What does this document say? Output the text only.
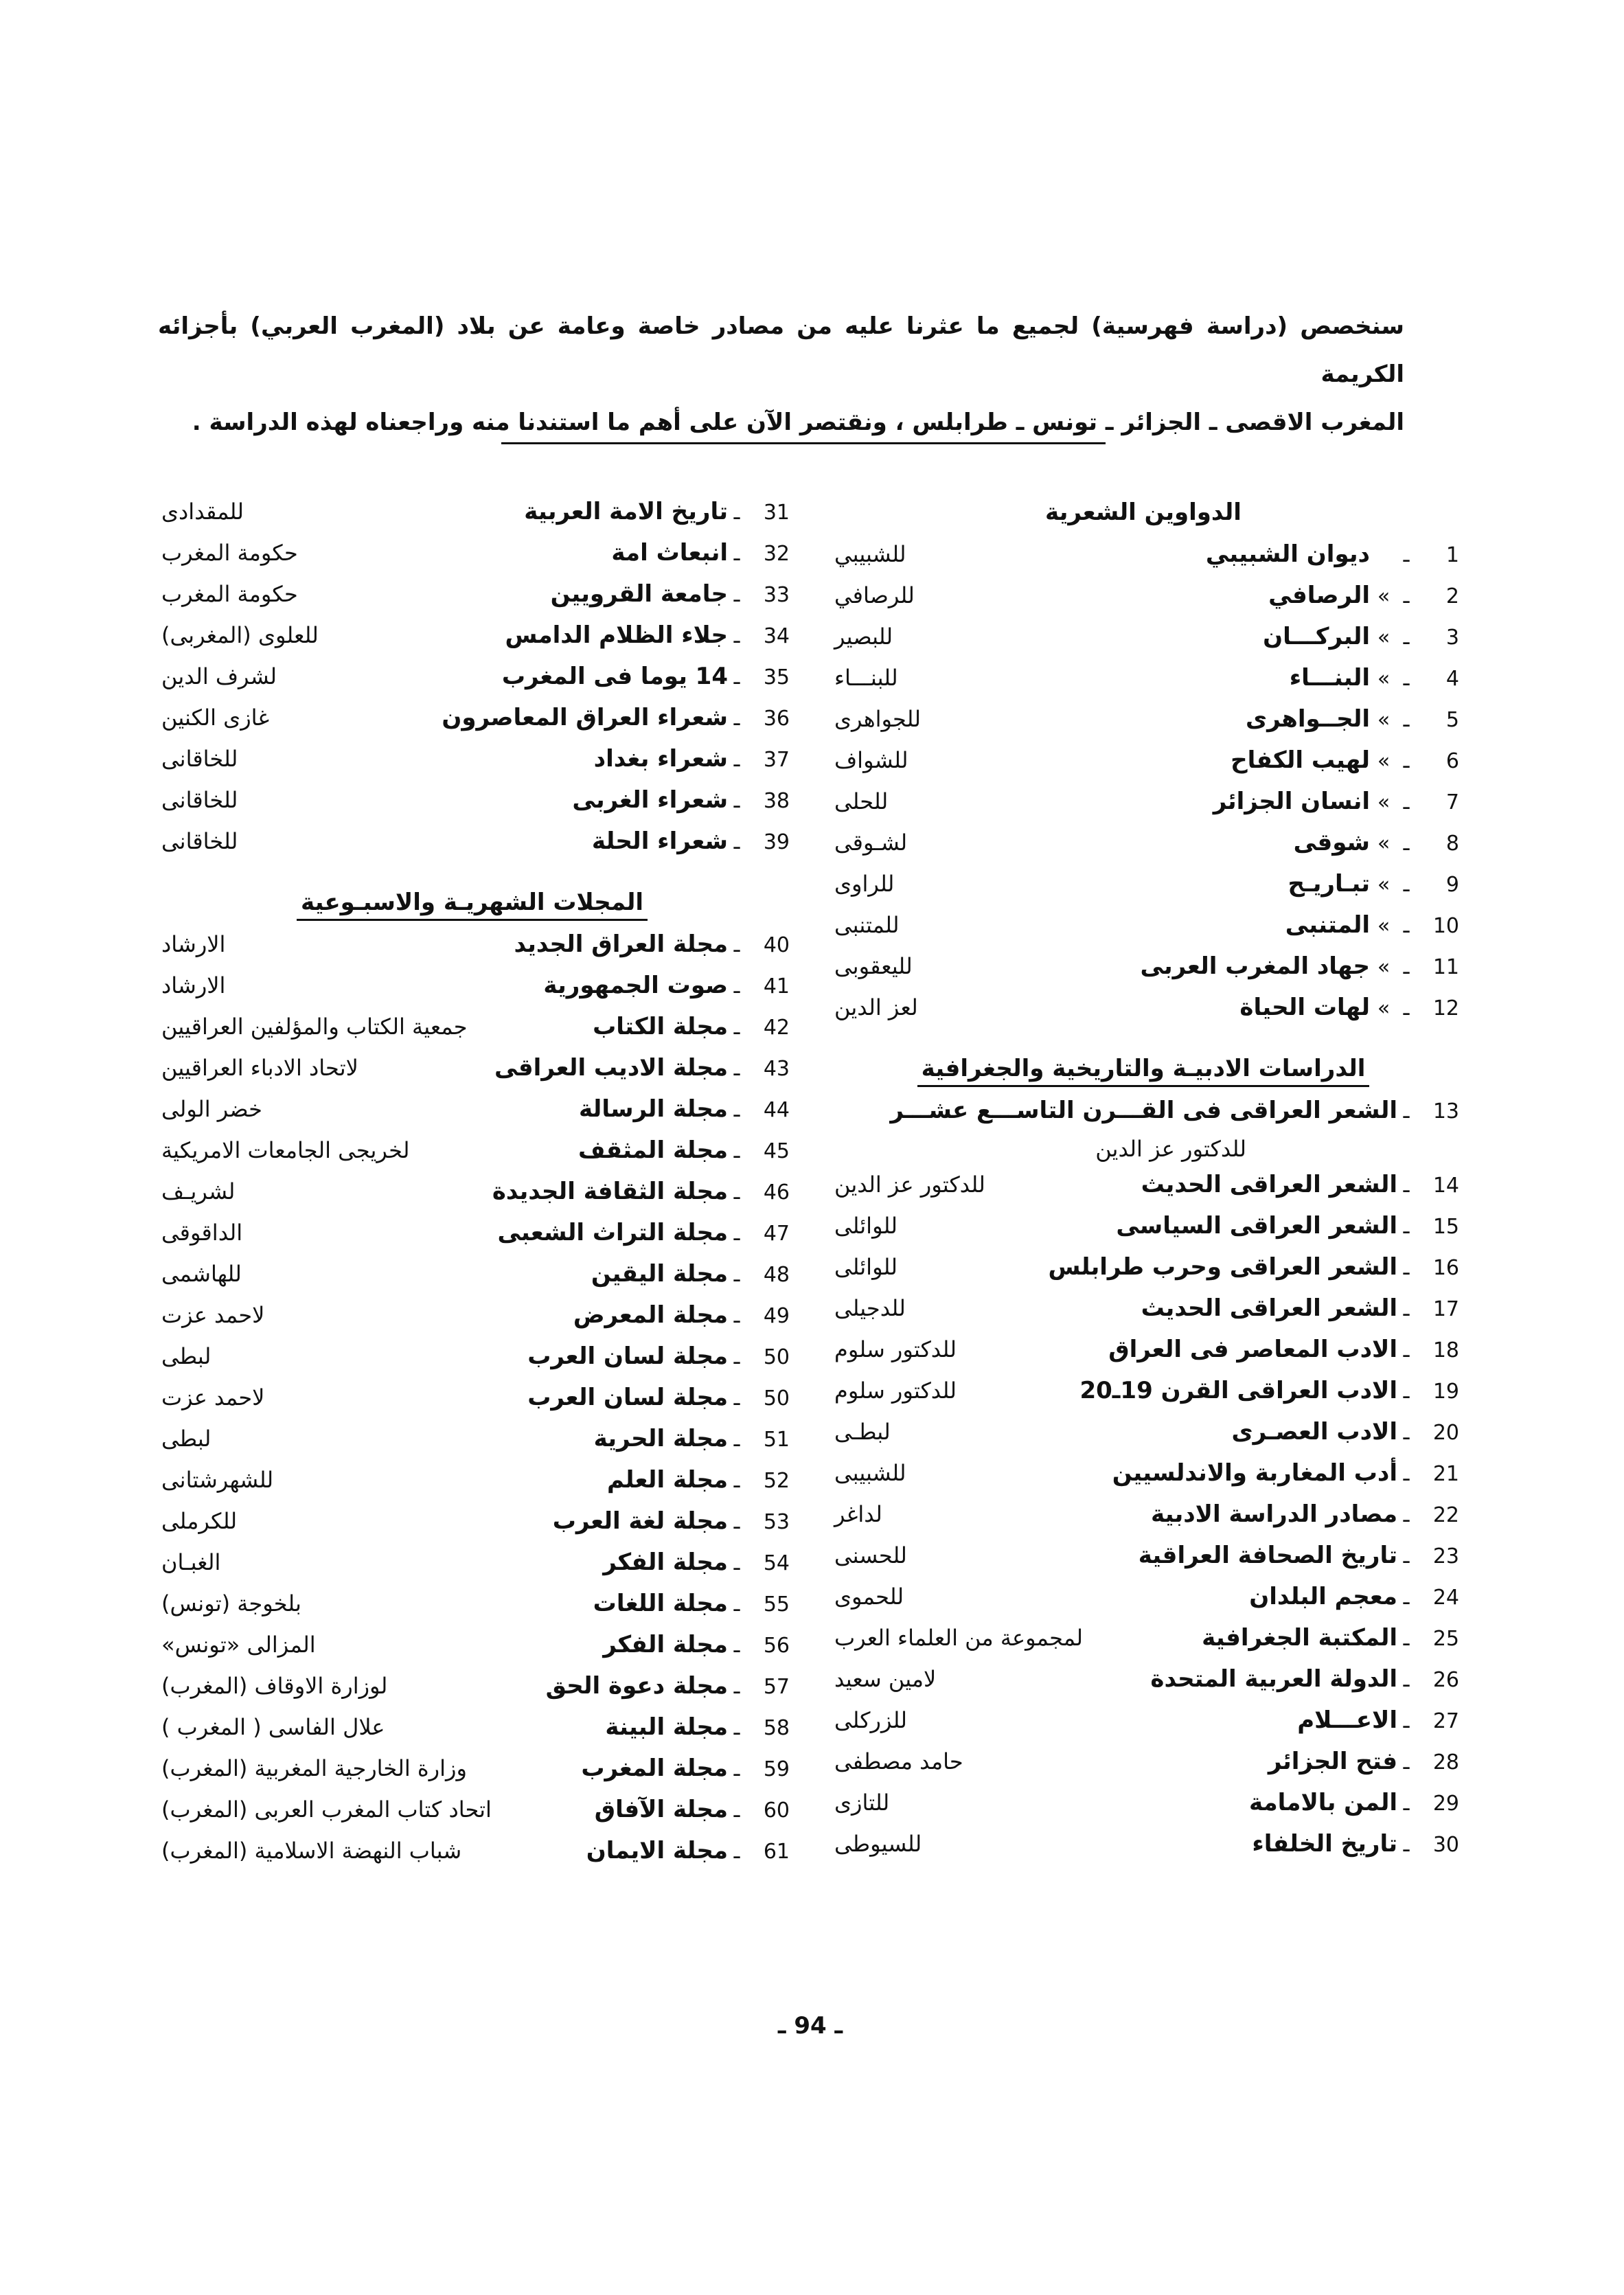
سنخصص (دراسة فهرسية) لجميع ما عثرنا عليه من مصادر خاصة وعامة عن بلاد (المغرب العربي) بأجزائه الكريمة

المغرب الاقصى ـ الجزائر ـ تونس ـ طرابلس ، ونقتصر الآن على أهم ما استندنا منه وراجعناه لهذه الدراسة .

الدواوين الشعرية
1
ـ
ديوان الشبيبي
للشبيبي
2
ـ
»
الرصافي
للرصافي
3
ـ
»
البركـــان
للبصير
4
ـ
»
البنـــاء
للبنـــاء
5
ـ
»
الجــواهرى
للجواهرى
6
ـ
»
لهيب الكفاح
للشواف
7
ـ
»
انسان الجزائر
للحلى
8
ـ
»
شوقى
لشـوقى
9
ـ
»
تبـاريـح
للراوى
10
ـ
»
المتنبى
للمتنبى
11
ـ
»
جهاد المغرب العربى
لليعقوبى
12
ـ
»
لهات الحياة
لعز الدين
الدراسات الادبيـة والتاريخية والجغرافية
13
ـ
الشعر العراقى فى القـــرن التاســـع عشـــر
للدكتور عز الدين
14
ـ
الشعر العراقى الحديث
للدكتور عز الدين
15
ـ
الشعر العراقى السياسى
للوائلى
16
ـ
الشعر العراقى وحرب طرابلس
للوائلى
17
ـ
الشعر العراقى الحديث
للدجيلى
18
ـ
الادب المعاصر فى العراق
للدكتور سلوم
19
ـ
الادب العراقى القرن 19ـ20
للدكتور سلوم
20
ـ
الادب العصـرى
لبطـى
21
ـ
أدب المغاربة والاندلسيين
للشبيبى
22
ـ
مصادر الدراسة الادبية
لداغر
23
ـ
تاريخ الصحافة العراقية
للحسنى
24
ـ
معجم البلدان
للحموى
25
ـ
المكتبة الجغرافية
لمجموعة من العلماء العرب
26
ـ
الدولة العربية المتحدة
لامين سعيد
27
ـ
الاعـــلام
للزركلى
28
ـ
فتح الجزائر
حامد مصطفى
29
ـ
المن بالامامة
للتازى
30
ـ
تاريخ الخلفاء
للسيوطى
31
ـ
تاريخ الامة العربية
للمقدادى
32
ـ
انبعاث امة
حكومة المغرب
33
ـ
جامعة القرويين
حكومة المغرب
34
ـ
جلاء الظلام الدامس
للعلوى (المغربى)
35
ـ
14 يوما فى المغرب
لشرف الدين
36
ـ
شعراء العراق المعاصرون
غازى الكنين
37
ـ
شعراء بغداد
للخاقانى
38
ـ
شعراء الغربى
للخاقانى
39
ـ
شعراء الحلة
للخاقانى
المجلات الشهريـة والاسبـوعية
40
ـ
مجلة العراق الجديد
الارشاد
41
ـ
صوت الجمهورية
الارشاد
42
ـ
مجلة الكتاب
جمعية الكتاب والمؤلفين العراقيين
43
ـ
مجلة الاديب العراقى
لاتحاد الادباء العراقيين
44
ـ
مجلة الرسالة
خضر الولى
45
ـ
مجلة المثقف
لخريجى الجامعات الامريكية
46
ـ
مجلة الثقافة الجديدة
لشريـف
47
ـ
مجلة التراث الشعبى
الداقوقى
48
ـ
مجلة اليقين
للهاشمى
49
ـ
مجلة المعرض
لاحمد عزت
50
ـ
مجلة لسان العرب
لبطى
50
ـ
مجلة لسان العرب
لاحمد عزت
51
ـ
مجلة الحرية
لبطى
52
ـ
مجلة العلم
للشهرشتانى
53
ـ
مجلة لغة العرب
للكرملى
54
ـ
مجلة الفكر
الغبـان
55
ـ
مجلة اللغات
بلخوجة (تونس)
56
ـ
مجلة الفكر
المزالى «تونس»
57
ـ
مجلة دعوة الحق
لوزارة الاوقاف (المغرب)
58
ـ
مجلة البينة
علال الفاسى ( المغرب )
59
ـ
مجلة المغرب
وزارة الخارجية المغربية (المغرب)
60
ـ
مجلة الآفاق
اتحاد كتاب المغرب العربى (المغرب)
61
ـ
مجلة الايمان
شباب النهضة الاسلامية (المغرب)
ـ 94 ـ
